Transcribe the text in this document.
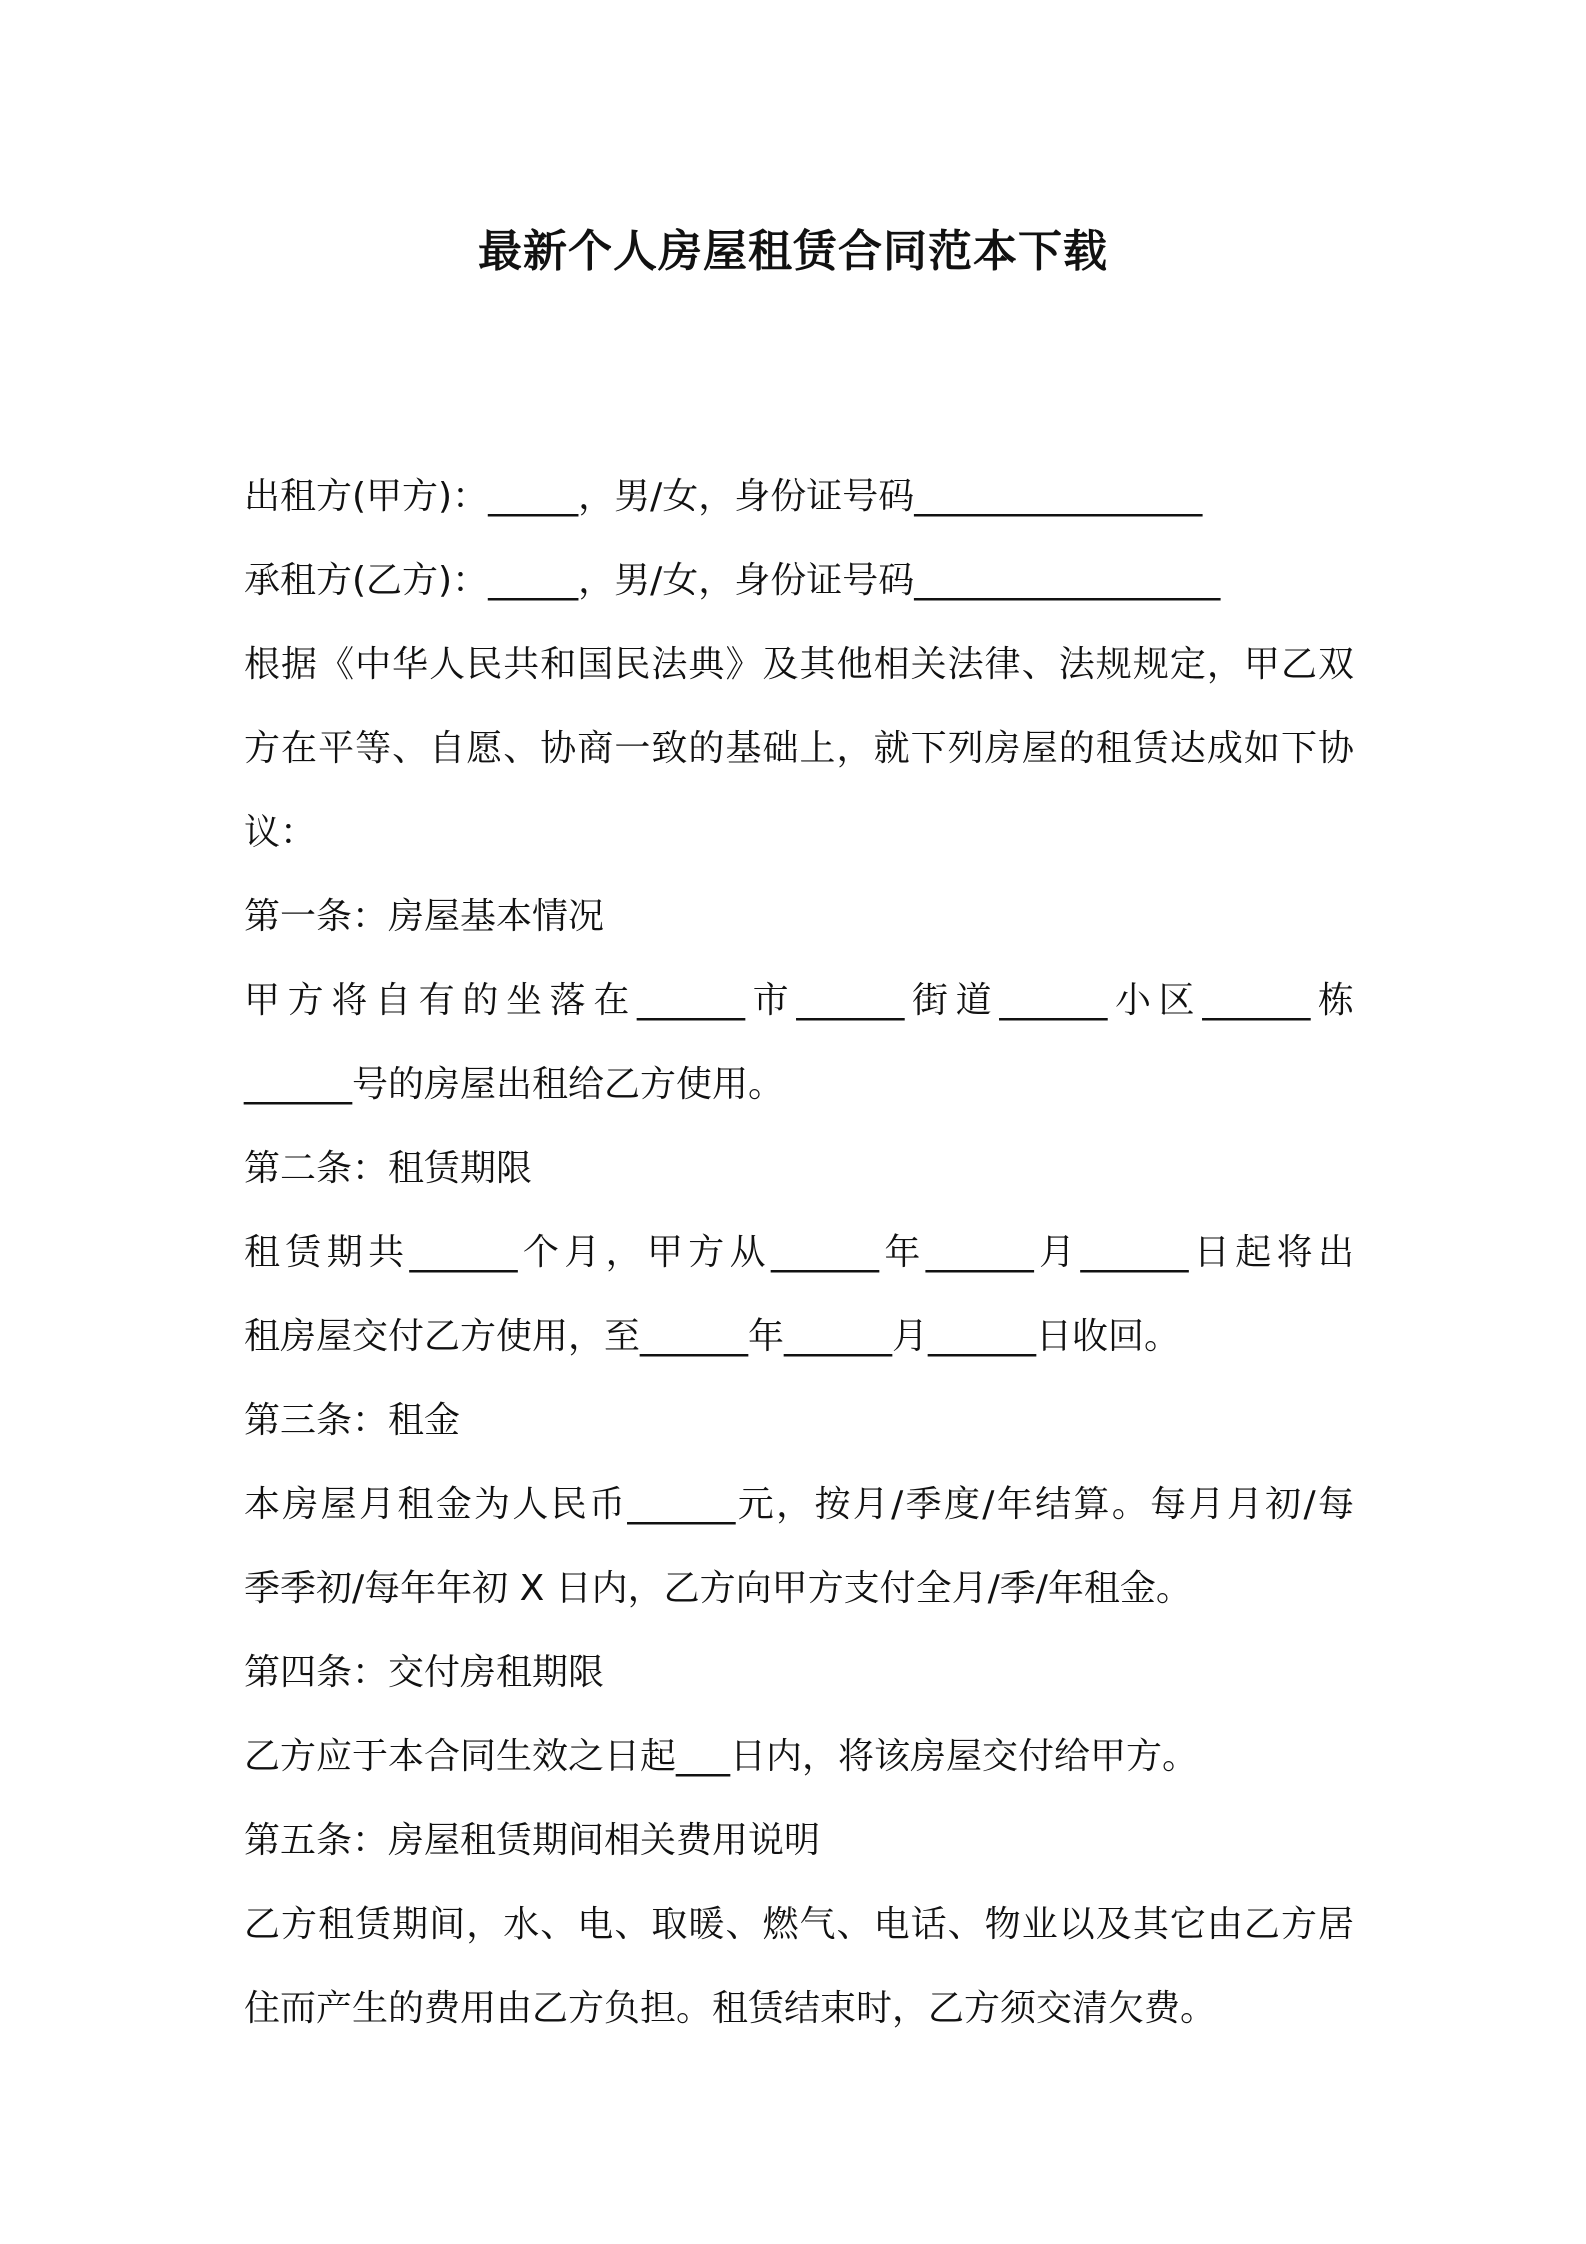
最新个人房屋租赁合同范本下载

出租方(甲方)：_____，男/女，身份证号码________________

承租方(乙方)：_____，男/女，身份证号码_________________

根据《中华人民共和国民法典》及其他相关法律、法规规定，甲乙双

方在平等、自愿、协商一致的基础上，就下列房屋的租赁达成如下协

议：

第一条：房屋基本情况

甲方将自有的坐落在______市______街道______小区______栋

______号的房屋出租给乙方使用。

第二条：租赁期限

租赁期共______个月，甲方从______年______月______日起将出

租房屋交付乙方使用，至______年______月______日收回。

第三条：租金

本房屋月租金为人民币______元，按月/季度/年结算。每月月初/每

季季初/每年年初 X 日内，乙方向甲方支付全月/季/年租金。

第四条：交付房租期限

乙方应于本合同生效之日起___日内，将该房屋交付给甲方。

第五条：房屋租赁期间相关费用说明

乙方租赁期间，水、电、取暖、燃气、电话、物业以及其它由乙方居

住而产生的费用由乙方负担。租赁结束时，乙方须交清欠费。
